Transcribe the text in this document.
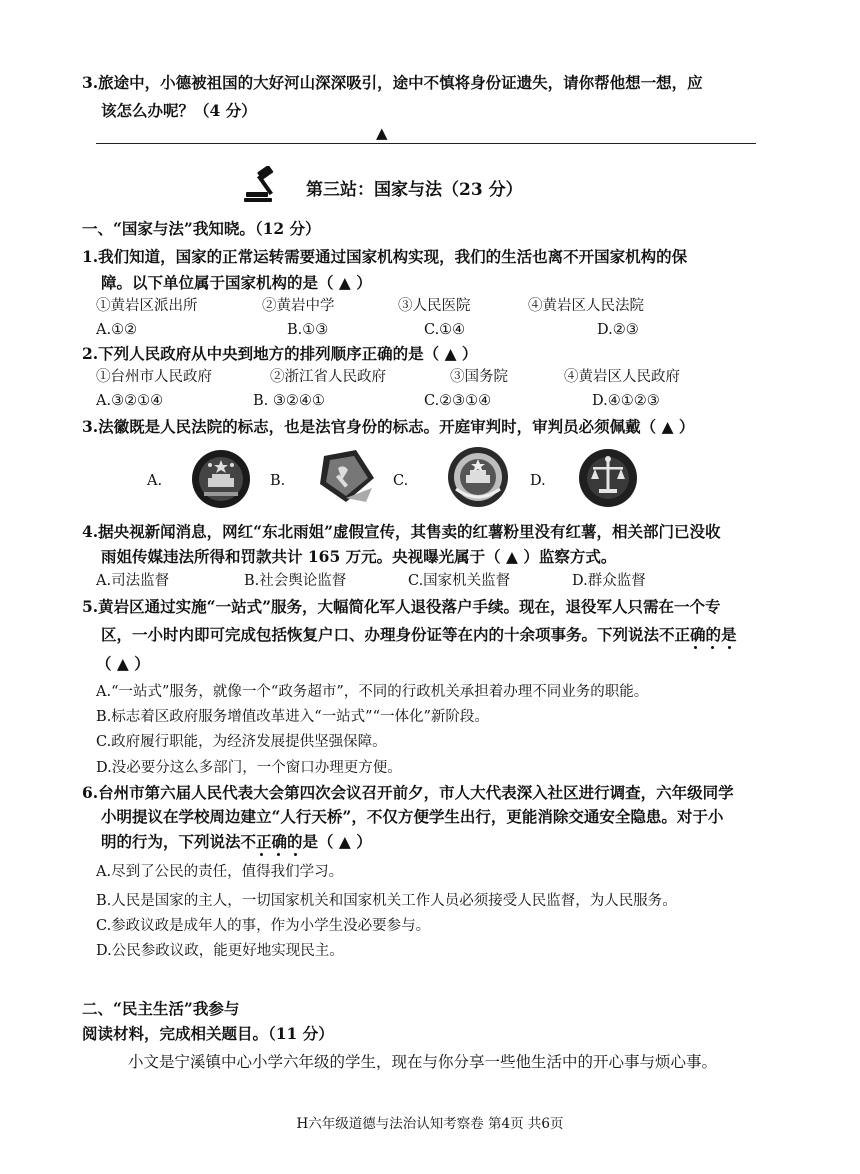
3.旅途中，小德被祖国的大好河山深深吸引，途中不慎将身份证遗失，请你帮他想一想，应
该怎么办呢？（4 分）
▲
第三站：国家与法（23 分）
一、“国家与法”我知晓。（12 分）
1.我们知道，国家的正常运转需要通过国家机构实现，我们的生活也离不开国家机构的保
障。以下单位属于国家机构的是（ ▲ ）
①黄岩区派出所	②黄岩中学	③人民医院	④黄岩区人民法院
A.①②	B.①③	C.①④	D.②③
2.下列人民政府从中央到地方的排列顺序正确的是（ ▲ ）
①台州市人民政府	②浙江省人民政府	③国务院	④黄岩区人民政府
A.③②①④	B. ③②④①	C.②③①④	D.④①②③
3.法徽既是人民法院的标志，也是法官身份的标志。开庭审判时，审判员必须佩戴（ ▲ ）
A.	B.	C.	D.
4.据央视新闻消息，网红“东北雨姐”虚假宣传，其售卖的红薯粉里没有红薯，相关部门已没收
雨姐传媒违法所得和罚款共计 165 万元。央视曝光属于（ ▲ ）监察方式。
A.司法监督	B.社会舆论监督	C.国家机关监督	D.群众监督
5.黄岩区通过实施“一站式”服务，大幅简化军人退役落户手续。现在，退役军人只需在一个专
区，一小时内即可完成包括恢复户口、办理身份证等在内的十余项事务。下列说法不正确的是
（ ▲ ）
A.“一站式”服务，就像一个“政务超市”，不同的行政机关承担着办理不同业务的职能。
B.标志着区政府服务增值改革进入“一站式”“一体化”新阶段。
C.政府履行职能，为经济发展提供坚强保障。
D.没必要分这么多部门，一个窗口办理更方便。
6.台州市第六届人民代表大会第四次会议召开前夕，市人大代表深入社区进行调查，六年级同学
小明提议在学校周边建立“人行天桥”，不仅方便学生出行，更能消除交通安全隐患。对于小
明的行为，下列说法不正确的是（ ▲ ）
A.尽到了公民的责任，值得我们学习。
B.人民是国家的主人，一切国家机关和国家机关工作人员必须接受人民监督，为人民服务。
C.参政议政是成年人的事，作为小学生没必要参与。
D.公民参政议政，能更好地实现民主。
二、“民主生活”我参与
阅读材料，完成相关题目。（11 分）
小文是宁溪镇中心小学六年级的学生，现在与你分享一些他生活中的开心事与烦心事。
H六年级道德与法治认知考察卷 第4页 共6页
